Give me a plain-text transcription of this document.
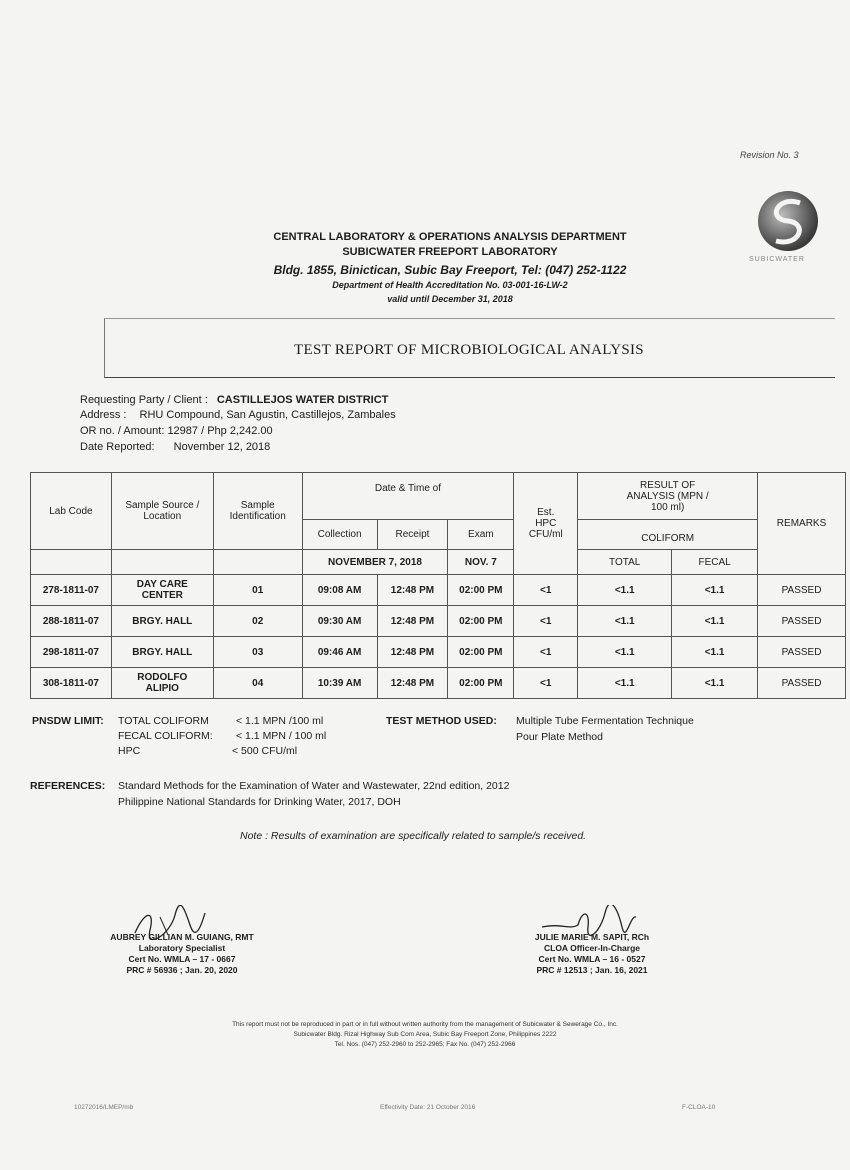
Revision No. 3
SUBICWATER
CENTRAL LABORATORY & OPERATIONS ANALYSIS DEPARTMENT
SUBICWATER FREEPORT LABORATORY
Bldg. 1855, Binictican, Subic Bay Freeport, Tel: (047) 252-1122
Department of Health Accreditation No. 03-001-16-LW-2
valid until December 31, 2018
TEST REPORT OF MICROBIOLOGICAL ANALYSIS
Requesting Party / Client : CASTILLEJOS WATER DISTRICT
Address : RHU Compound, San Agustin, Castillejos, Zambales
OR no. / Amount: 12987 / Php 2,242.00
Date Reported: November 12, 2018
Lab Code	Sample Source / Location	Sample Identification	Date & Time of			Est. HPC CFU/ml	RESULT OF ANALYSIS (MPN / 100 ml)		REMARKS
			Collection	Receipt	Exam		COLIFORM		
			NOVEMBER 7, 2018		NOV. 7		TOTAL	FECAL	
278-1811-07	DAY CARE CENTER	01	09:08 AM	12:48 PM	02:00 PM	<1	<1.1	<1.1	PASSED
288-1811-07	BRGY. HALL	02	09:30 AM	12:48 PM	02:00 PM	<1	<1.1	<1.1	PASSED
298-1811-07	BRGY. HALL	03	09:46 AM	12:48 PM	02:00 PM	<1	<1.1	<1.1	PASSED
308-1811-07	RODOLFO ALIPIO	04	10:39 AM	12:48 PM	02:00 PM	<1	<1.1	<1.1	PASSED
PNSDW LIMIT: TOTAL COLIFORM	< 1.1 MPN /100 ml
FECAL COLIFORM: < 1.1 MPN / 100 ml
HPC	< 500 CFU/ml
TEST METHOD USED: Multiple Tube Fermentation Technique
Pour Plate Method
REFERENCES: Standard Methods for the Examination of Water and Wastewater, 22nd edition, 2012
Philippine National Standards for Drinking Water, 2017, DOH
Note : Results of examination are specifically related to sample/s received.
AUBREY GILLIAN M. GUIANG, RMT
Laboratory Specialist
Cert No. WMLA – 17 - 0667
PRC # 56936 ; Jan. 20, 2020
JULIE MARIE M. SAPIT, RCh
CLOA Officer-In-Charge
Cert No. WMLA – 16 - 0527
PRC # 12513 ; Jan. 16, 2021
This report must not be reproduced in part or in full without written authority from the management of Subicwater & Sewerage Co., Inc.
Subicwater Bldg. Rizal Highway Sub Com Area, Subic Bay Freeport Zone, Philippines 2222
Tel. Nos. (047) 252-2960 to 252-2965; Fax No. (047) 252-2966
10272016/LMEP/mb	Effectivity Date: 21 October 2016	F-CLOA-10
